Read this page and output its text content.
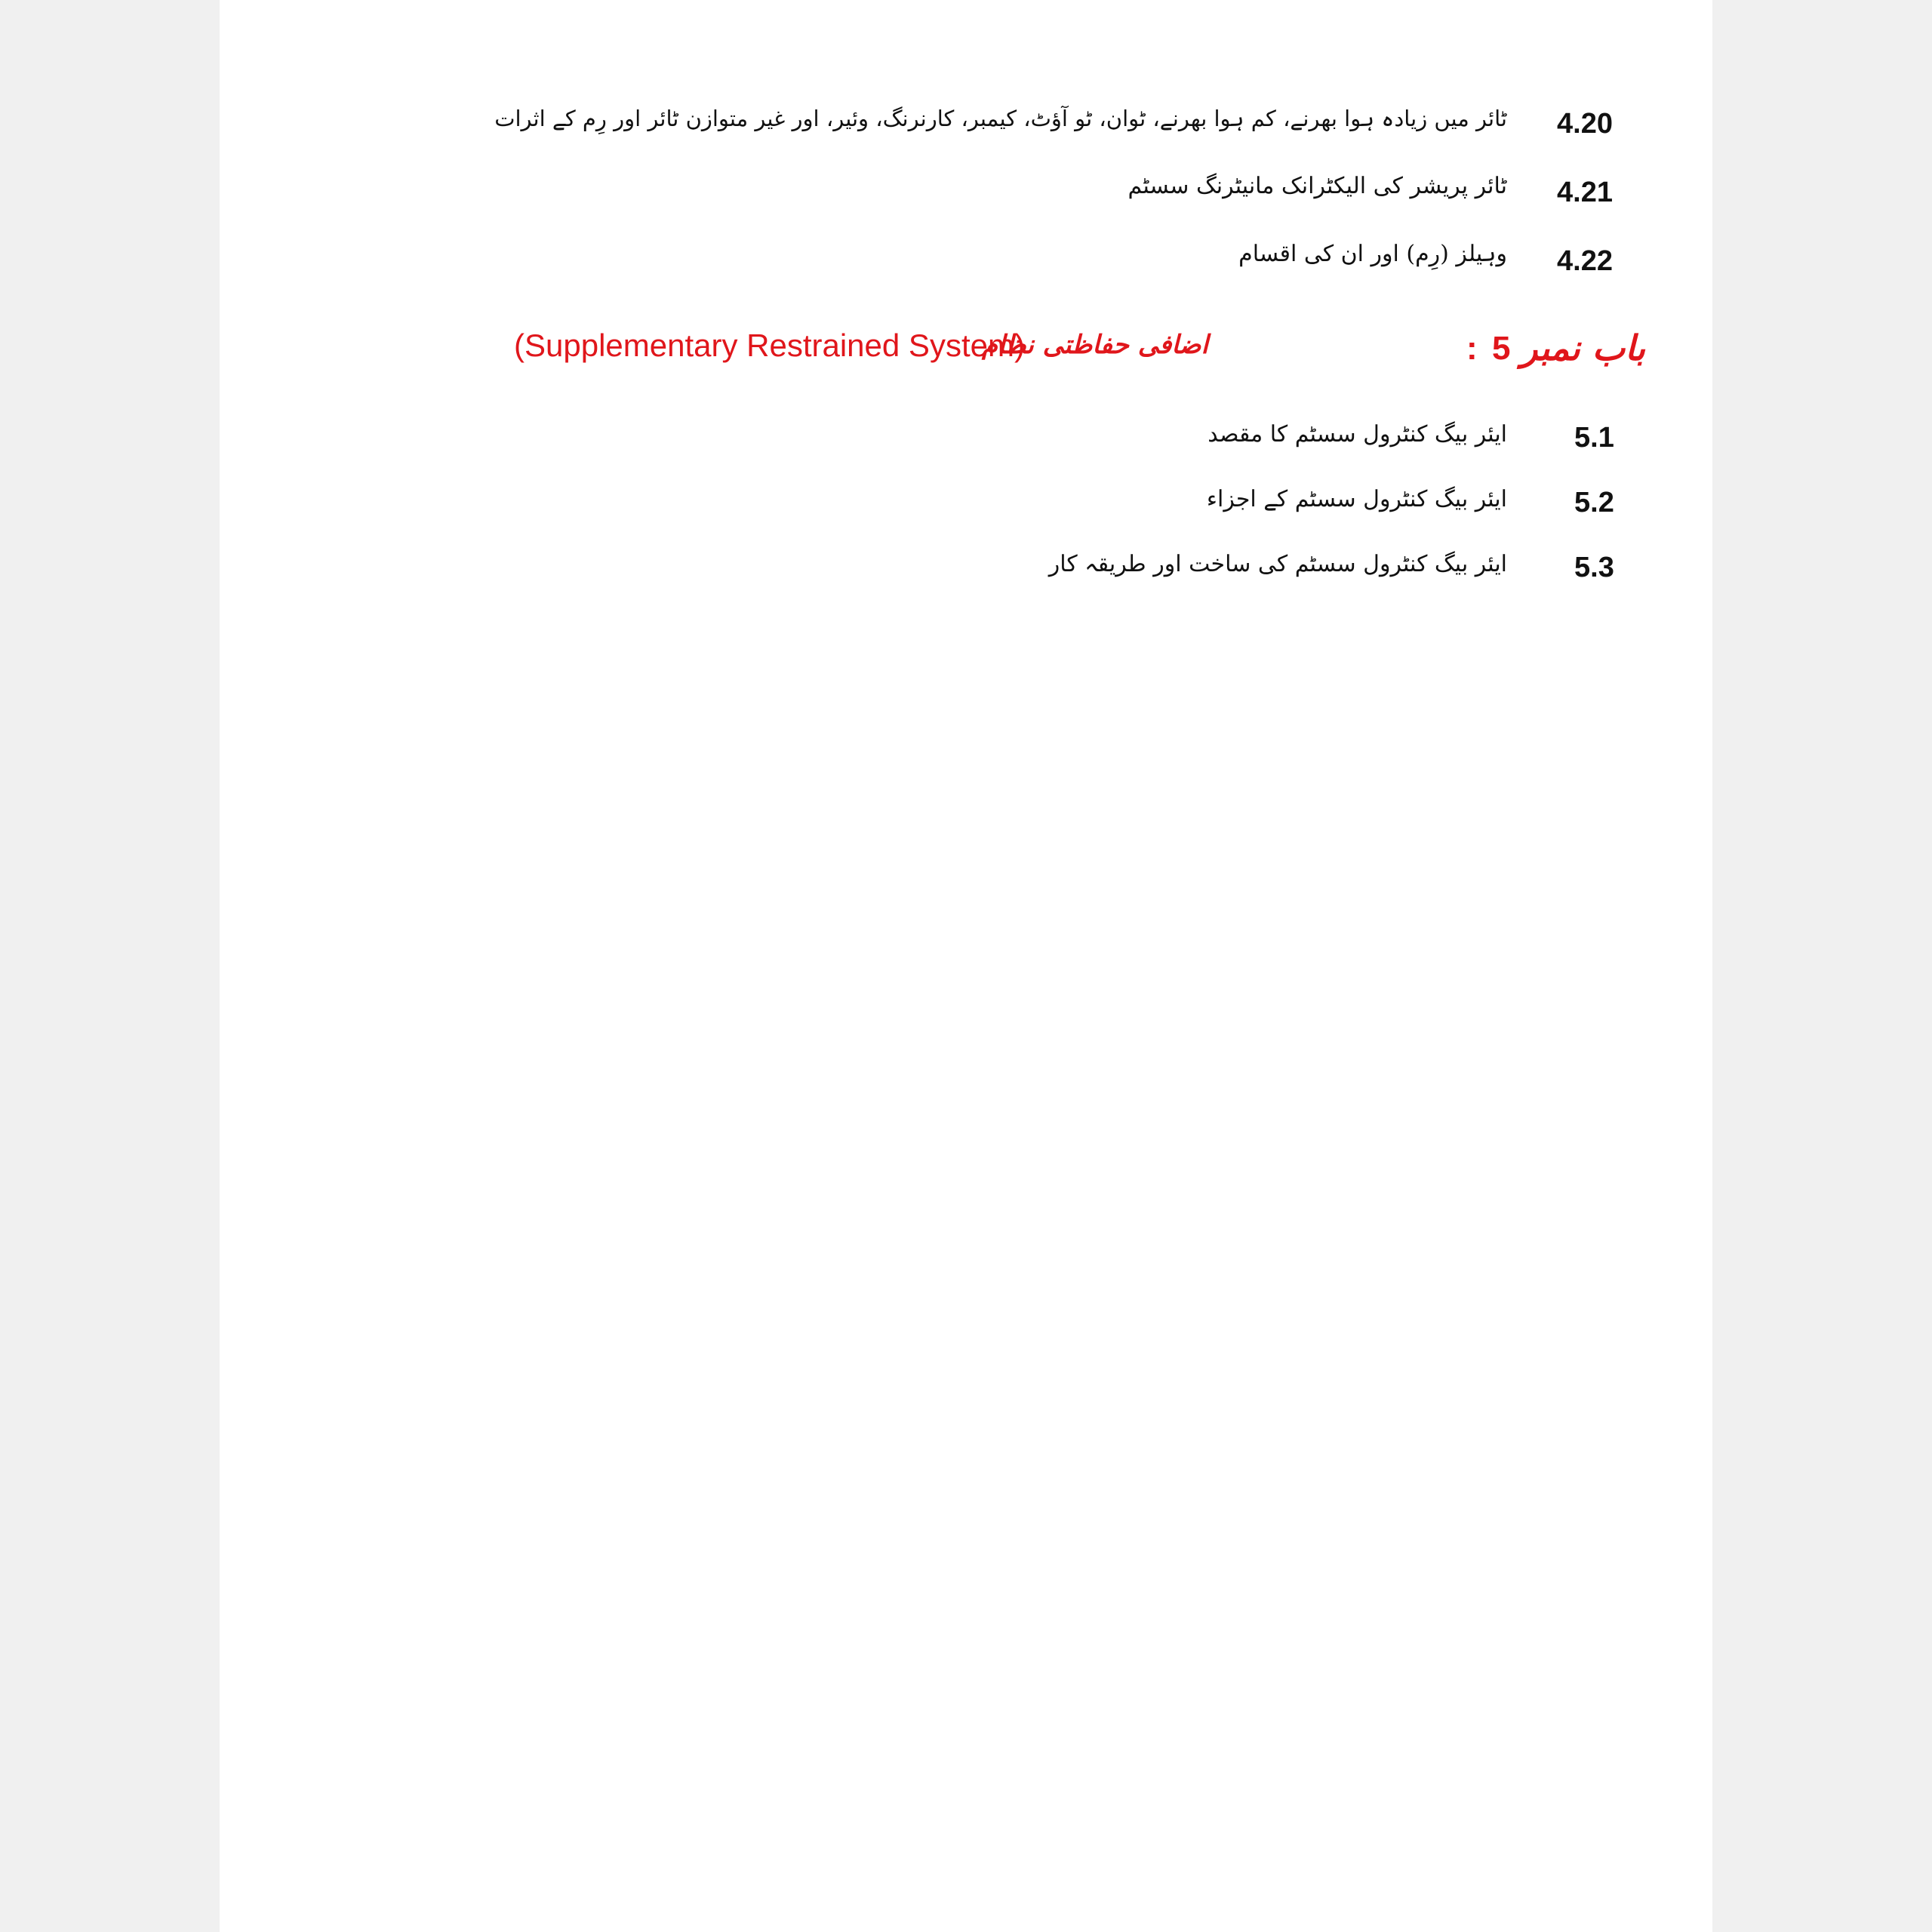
4.20
ٹائر میں زیادہ ہوا بھرنے، کم ہوا بھرنے، ٹوان، ٹو آؤٹ، کیمبر، کارنرنگ، وئیر، اور غیر متوازن ٹائر اور رِم کے اثرات
4.21
ٹائر پریشر کی الیکٹرانک مانیٹرنگ سسٹم
4.22
وہیلز (رِم) اور ان کی اقسام
باب نمبر
5
:
اضافی حفاظتی نظام
(Supplementary Restrained System)
5.1
ایئر بیگ کنٹرول سسٹم کا مقصد
5.2
ایئر بیگ کنٹرول سسٹم کے اجزاء
5.3
ایئر بیگ کنٹرول سسٹم کی ساخت اور طریقہ کار
